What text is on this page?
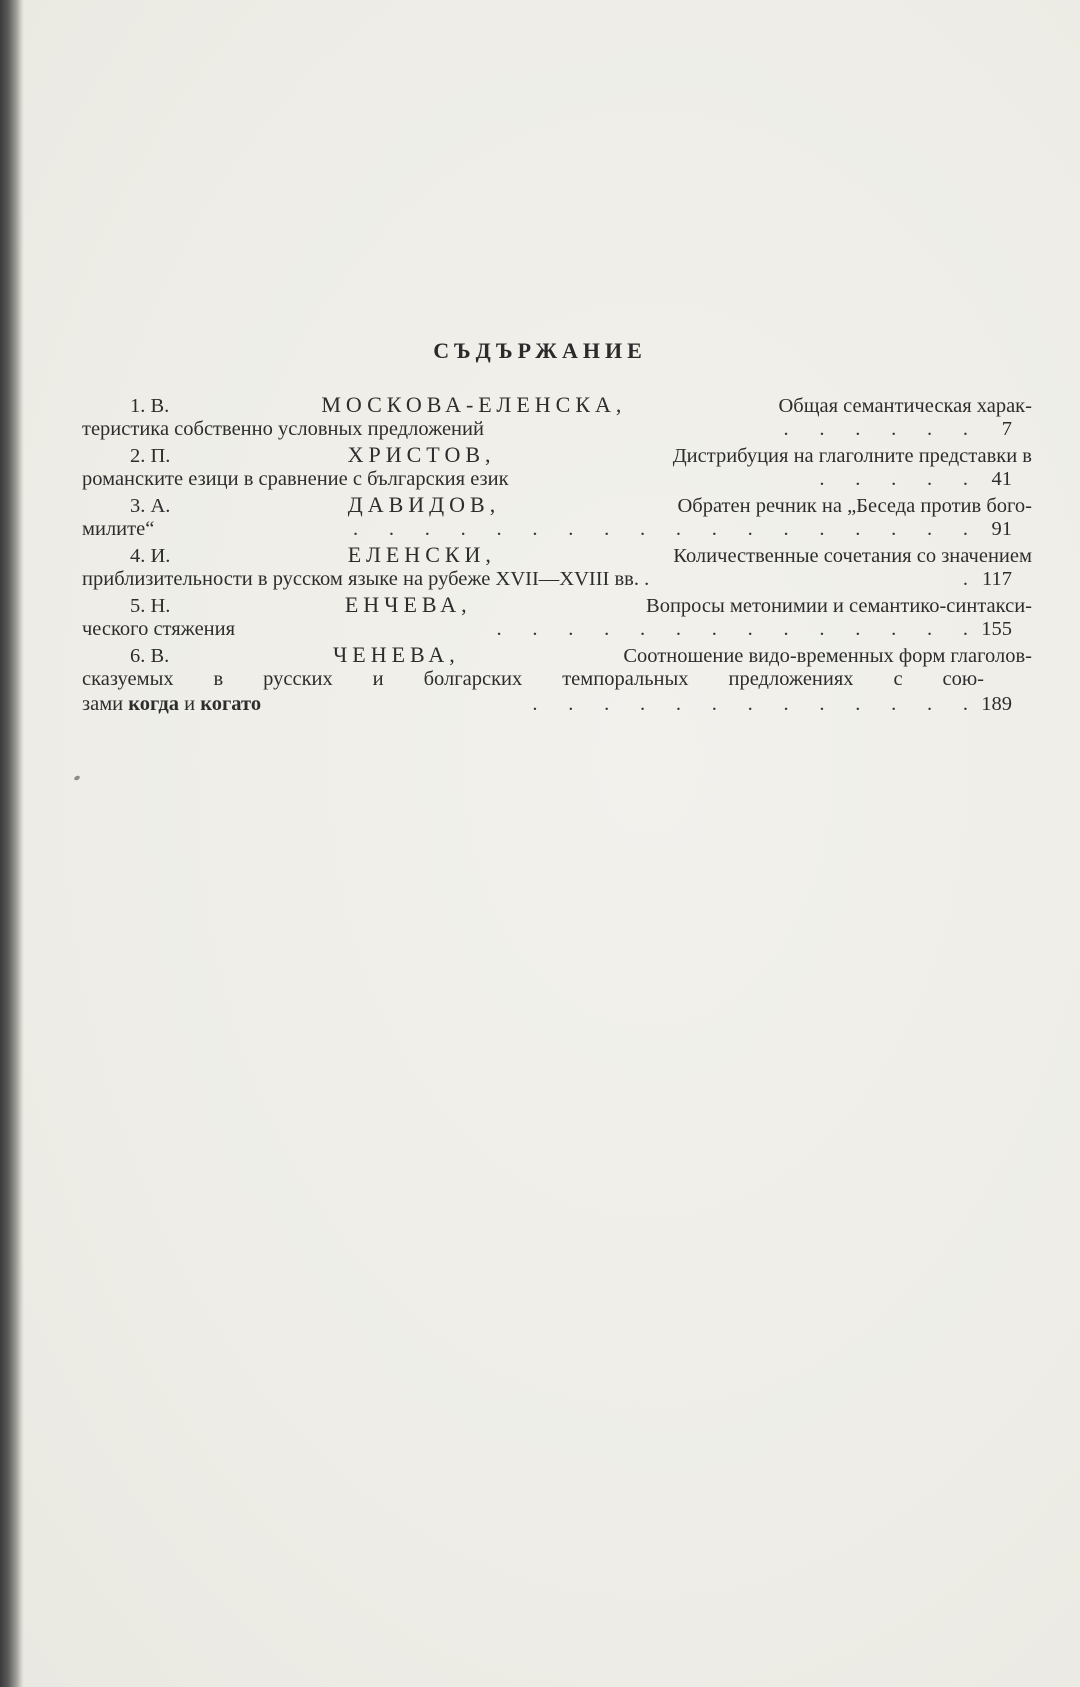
СЪДЪРЖАНИЕ
1. В.	МОСКОВА-ЕЛЕНСКА,	Общая семантическая харак-
теристика собственно условных предложений	.      .      .      .      .      .	7
2. П.	ХРИСТОВ,	Дистрибуция на глаголните представки в
романските езици в сравнение с българския език	.      .      .      .      .	41
3. А.	ДАВИДОВ,	Обратен речник на „Беседа против бого-
милите“	.      .      .      .      .      .      .      .      .      .      .      .      .      .      .      .      .      .	91
4. И.	ЕЛЕНСКИ,	Количественные сочетания со значением
приблизительности в русском языке на рубеже XVII—XVIII вв. .	. 117
5. Н.	ЕНЧЕВА,	Вопросы метонимии и семантико-синтакси-
ческого стяжения	.      .      .      .      .      .      .      .      .      .      .      .      .      . 155
6. В.	ЧЕНЕВА,	Соотношение видо-временных форм глаголов-
сказуемых в русских и болгарских темпоральных предложениях с сою-
зами когда и когато	.      .      .      .      .      .      .      .      .      .      .      .      . 189
